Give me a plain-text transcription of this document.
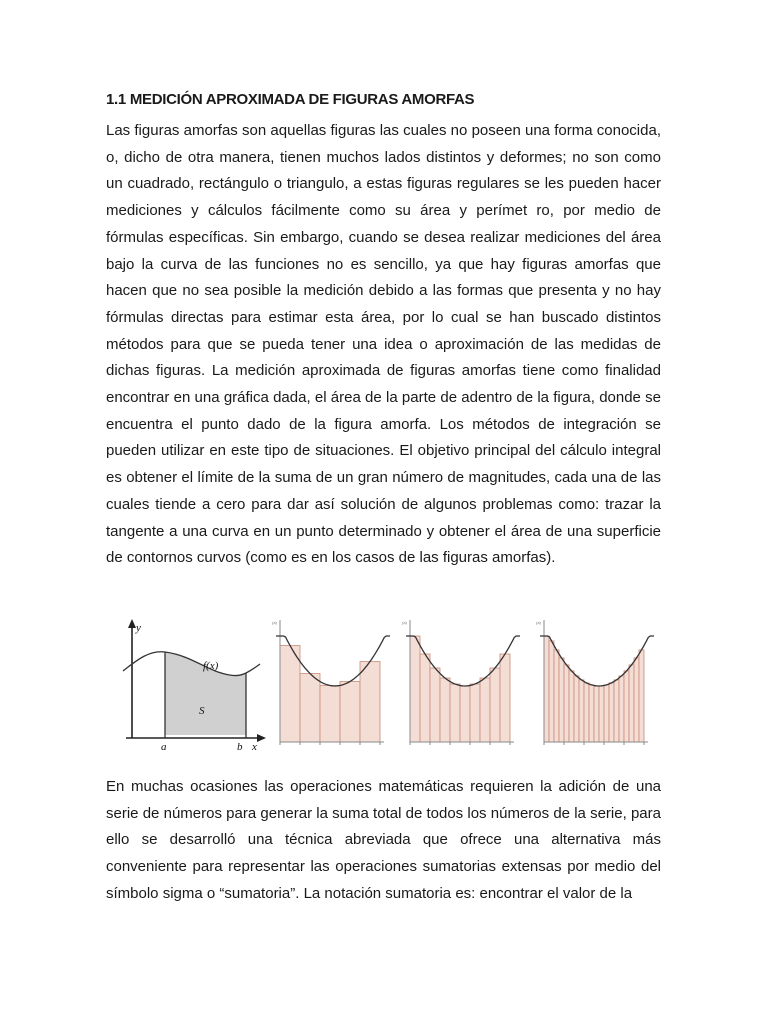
1.1 MEDICIÓN APROXIMADA DE FIGURAS AMORFAS

Las figuras amorfas son aquellas figuras las cuales no poseen una forma conocida, o, dicho de otra manera, tienen muchos lados distintos y deformes; no son como un cuadrado, rectángulo o triangulo, a estas figuras regulares se les pueden hacer mediciones y cálculos fácilmente como su área y perímet ro, por medio de fórmulas específicas. Sin embargo, cuando se desea realizar mediciones del área bajo la curva de las funciones no es sencillo, ya que hay figuras amorfas que hacen que no sea posible la medición debido a las formas que presenta y no hay fórmulas directas para estimar esta área, por lo cual se han buscado distintos métodos para que se pueda tener una idea o aproximación de las medidas de dichas figuras. La medición aproximada de figuras amorfas tiene como finalidad encontrar en una gráfica dada, el área de la parte de adentro de la figura, donde se encuentra el punto dado de la figura amorfa. Los métodos de integración se pueden utilizar en este tipo de situaciones. El objetivo principal del cálculo integral es obtener el límite de la suma de un gran número de magnitudes, cada una de las cuales tiende a cero para dar así solución de algunos problemas como: trazar la tangente a una curva en un punto determinado y obtener el área de una superficie de contornos curvos (como es en los casos de las figuras amorfas).

y
x
f(x)
S
a	b
(a)	(a)	(a)

En muchas ocasiones las operaciones matemáticas requieren la adición de una serie de números para generar la suma total de todos los números de la serie, para ello se desarrolló una técnica abreviada que ofrece una alternativa más conveniente para representar las operaciones sumatorias extensas por medio del símbolo sigma o “sumatoria”. La notación sumatoria es: encontrar el valor de la
